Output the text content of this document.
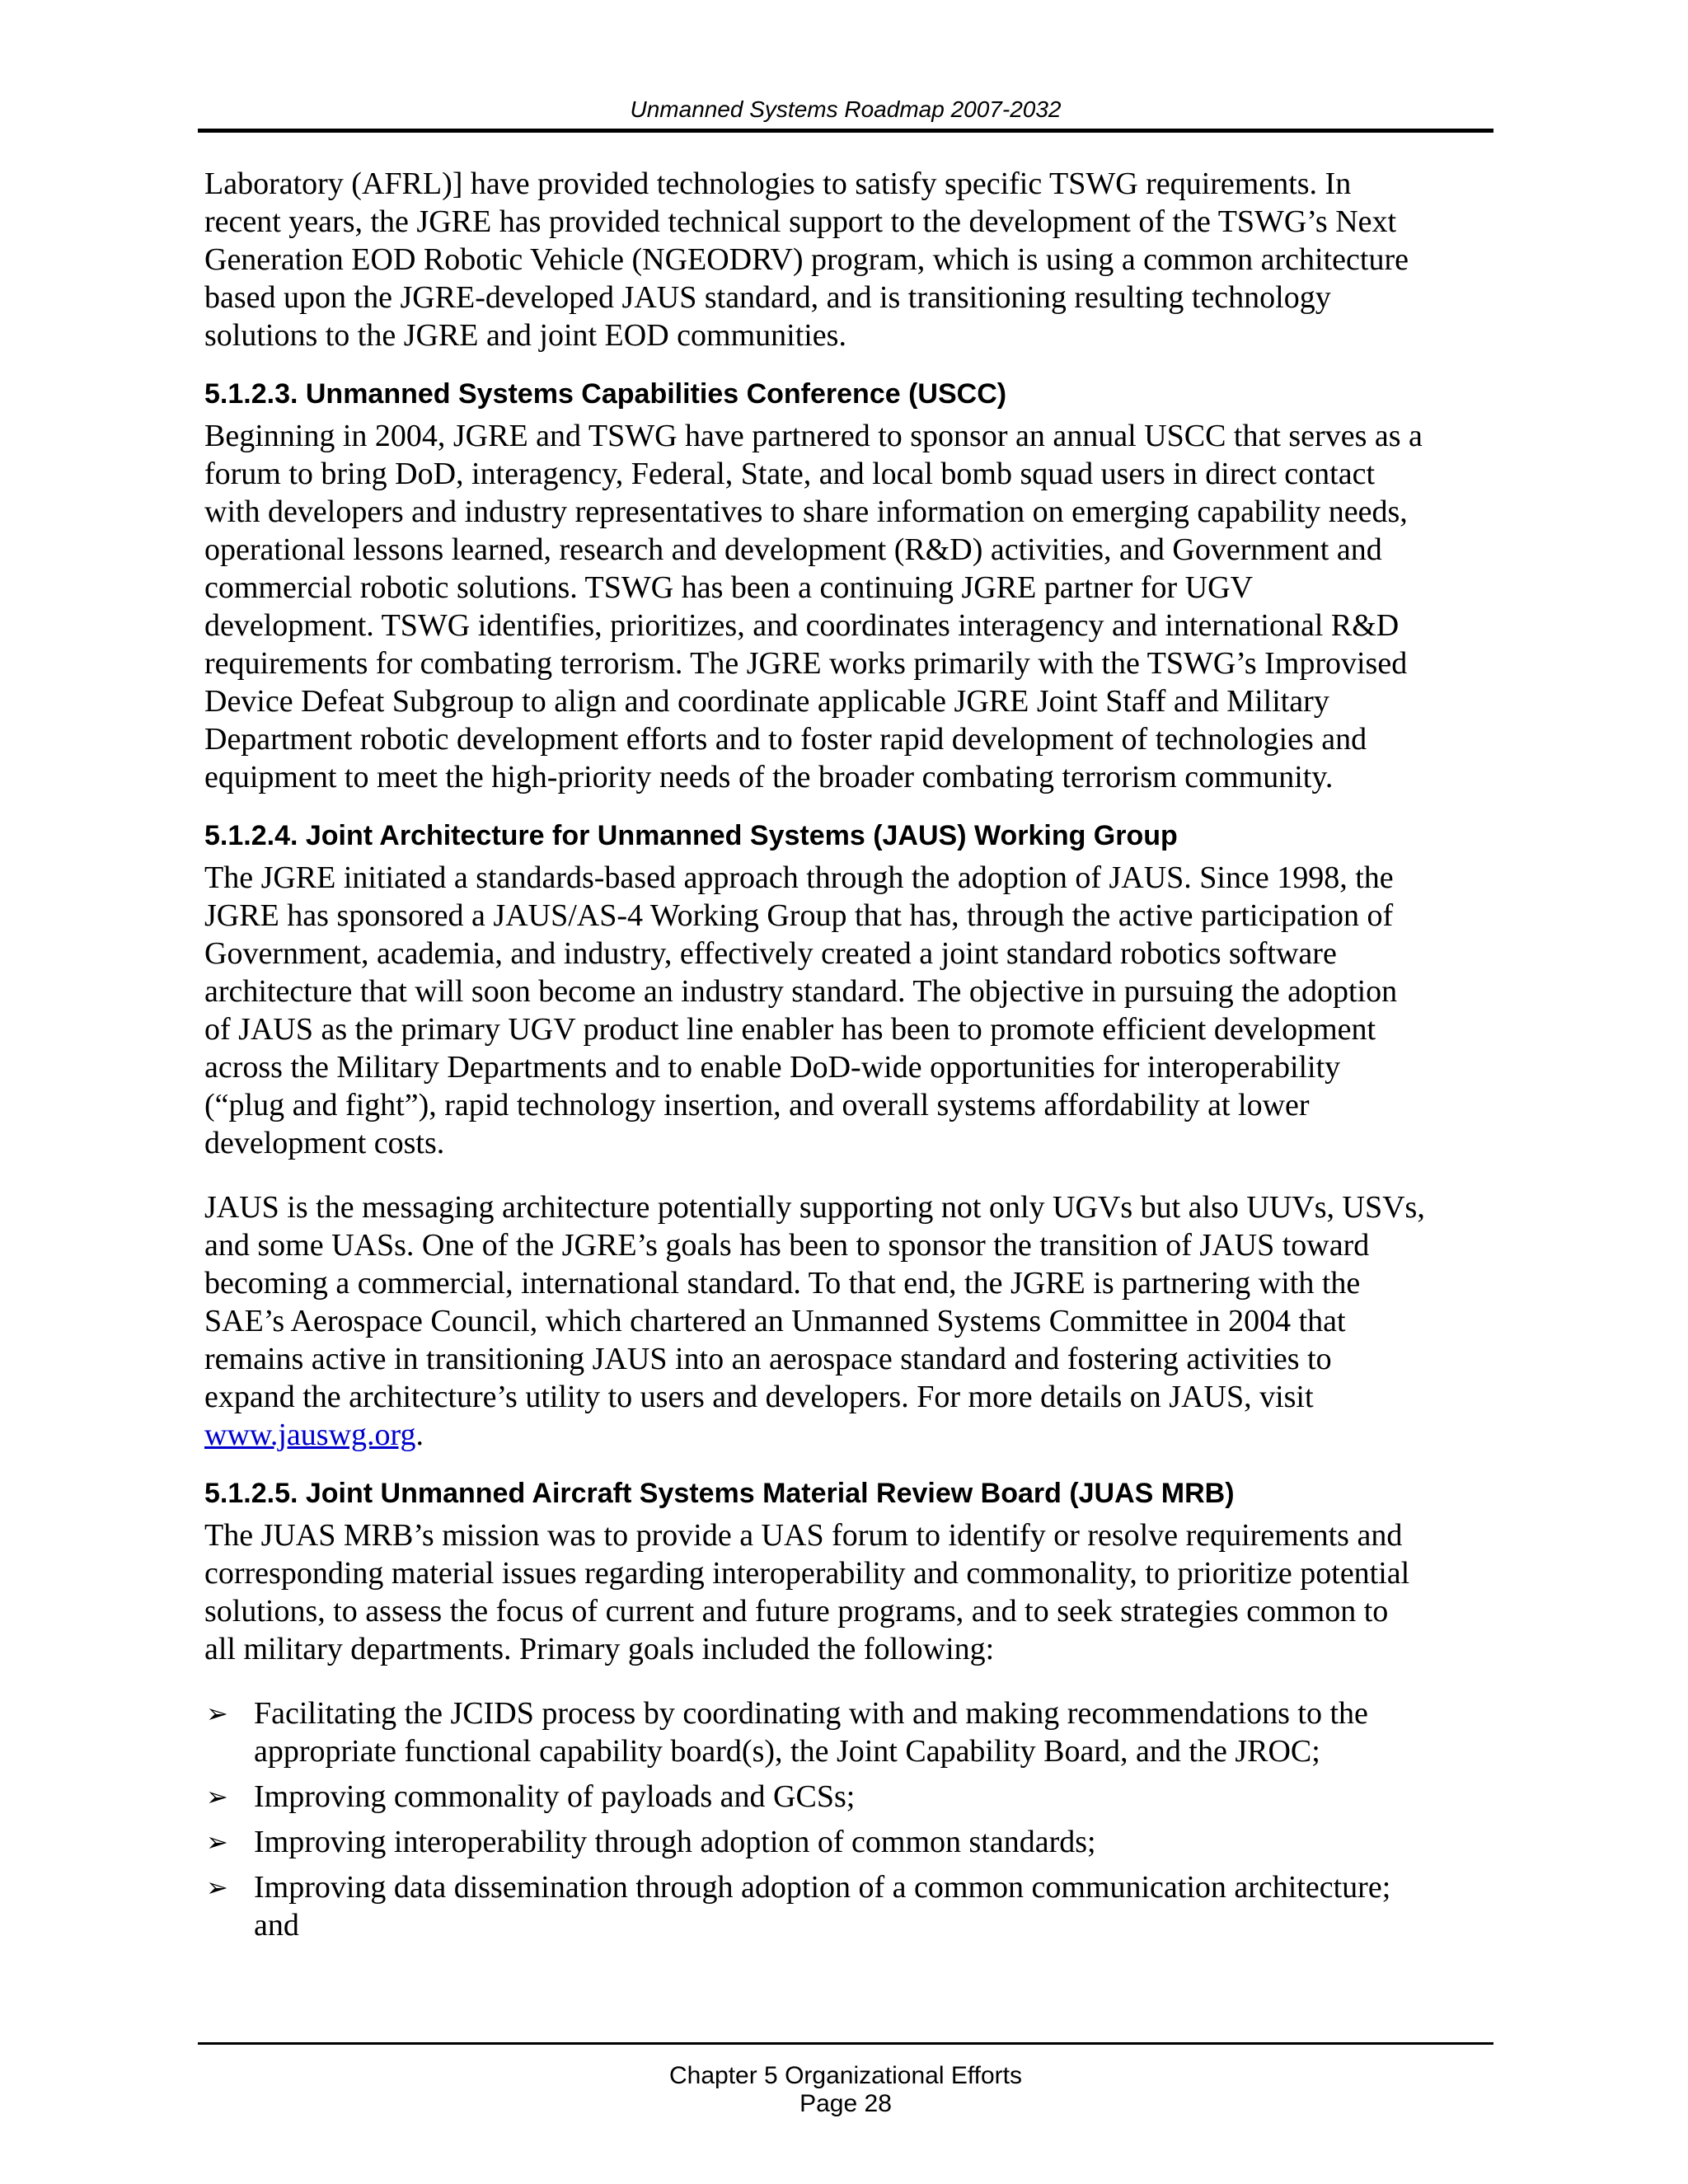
Unmanned Systems Roadmap 2007-2032

Laboratory (AFRL)] have provided technologies to satisfy specific TSWG requirements. In
recent years, the JGRE has provided technical support to the development of the TSWG’s Next
Generation EOD Robotic Vehicle (NGEODRV) program, which is using a common architecture
based upon the JGRE-developed JAUS standard, and is transitioning resulting technology
solutions to the JGRE and joint EOD communities.

5.1.2.3. Unmanned Systems Capabilities Conference (USCC)

Beginning in 2004, JGRE and TSWG have partnered to sponsor an annual USCC that serves as a
forum to bring DoD, interagency, Federal, State, and local bomb squad users in direct contact
with developers and industry representatives to share information on emerging capability needs,
operational lessons learned, research and development (R&D) activities, and Government and
commercial robotic solutions. TSWG has been a continuing JGRE partner for UGV
development. TSWG identifies, prioritizes, and coordinates interagency and international R&D
requirements for combating terrorism. The JGRE works primarily with the TSWG’s Improvised
Device Defeat Subgroup to align and coordinate applicable JGRE Joint Staff and Military
Department robotic development efforts and to foster rapid development of technologies and
equipment to meet the high-priority needs of the broader combating terrorism community.

5.1.2.4. Joint Architecture for Unmanned Systems (JAUS) Working Group

The JGRE initiated a standards-based approach through the adoption of JAUS. Since 1998, the
JGRE has sponsored a JAUS/AS-4 Working Group that has, through the active participation of
Government, academia, and industry, effectively created a joint standard robotics software
architecture that will soon become an industry standard. The objective in pursuing the adoption
of JAUS as the primary UGV product line enabler has been to promote efficient development
across the Military Departments and to enable DoD-wide opportunities for interoperability
(“plug and fight”), rapid technology insertion, and overall systems affordability at lower
development costs.

JAUS is the messaging architecture potentially supporting not only UGVs but also UUVs, USVs,
and some UASs. One of the JGRE’s goals has been to sponsor the transition of JAUS toward
becoming a commercial, international standard. To that end, the JGRE is partnering with the
SAE’s Aerospace Council, which chartered an Unmanned Systems Committee in 2004 that
remains active in transitioning JAUS into an aerospace standard and fostering activities to
expand the architecture’s utility to users and developers. For more details on JAUS, visit
www.jauswg.org.

5.1.2.5. Joint Unmanned Aircraft Systems Material Review Board (JUAS MRB)

The JUAS MRB’s mission was to provide a UAS forum to identify or resolve requirements and
corresponding material issues regarding interoperability and commonality, to prioritize potential
solutions, to assess the focus of current and future programs, and to seek strategies common to
all military departments. Primary goals included the following:

➢ Facilitating the JCIDS process by coordinating with and making recommendations to the
appropriate functional capability board(s), the Joint Capability Board, and the JROC;
➢ Improving commonality of payloads and GCSs;
➢ Improving interoperability through adoption of common standards;
➢ Improving data dissemination through adoption of a common communication architecture;
and
Chapter 5 Organizational Efforts
Page 28
